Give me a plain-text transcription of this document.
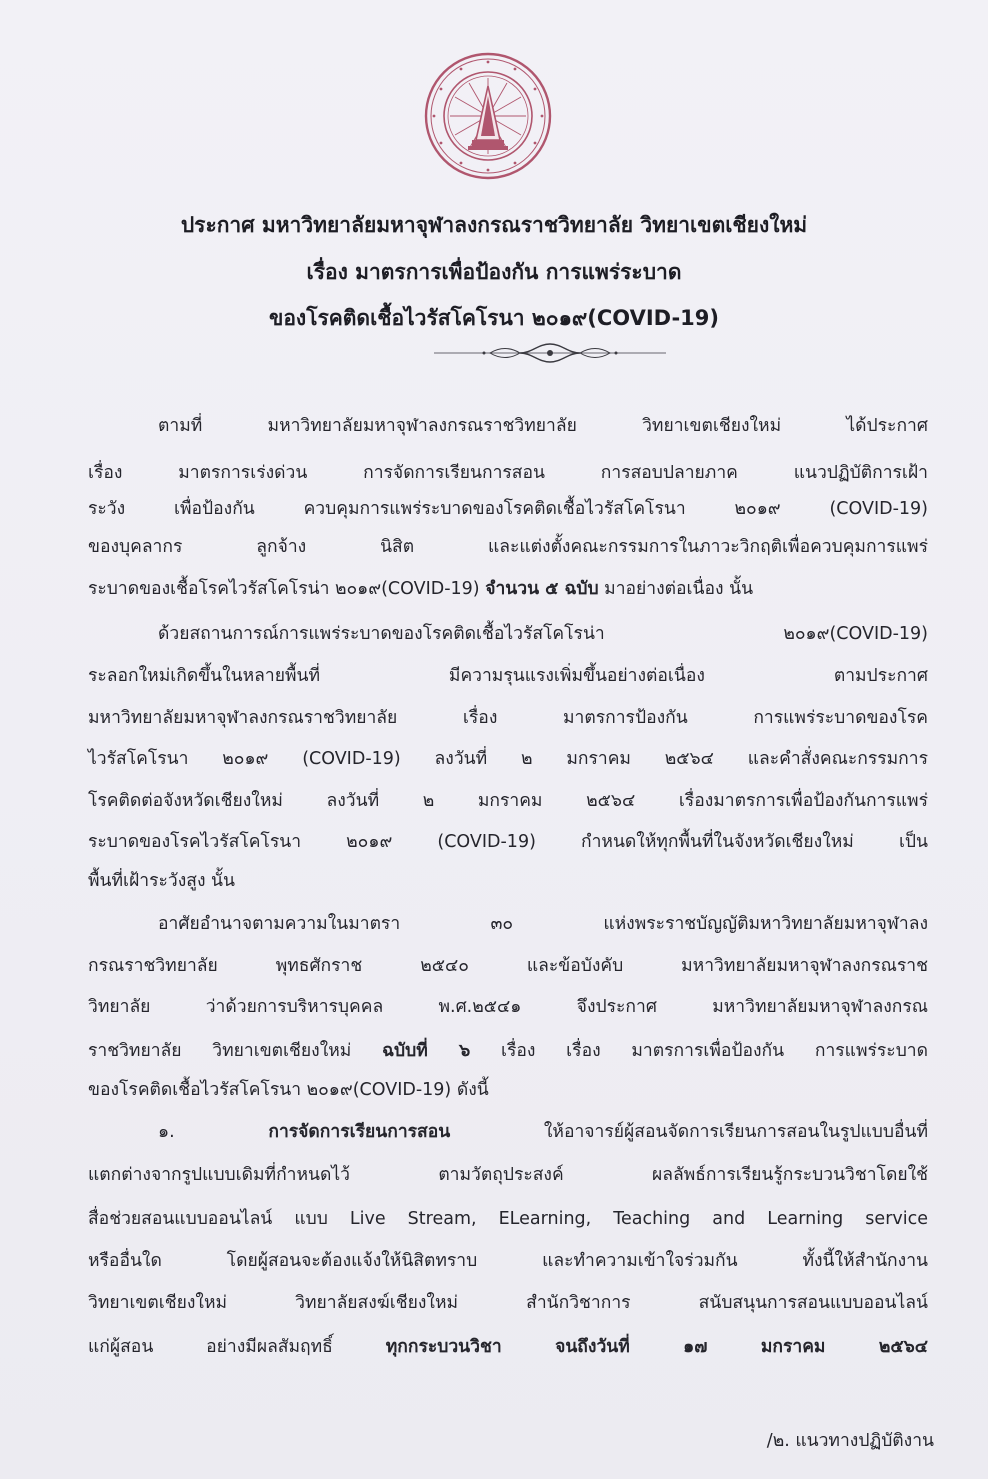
ประกาศ มหาวิทยาลัยมหาจุฬาลงกรณราชวิทยาลัย วิทยาเขตเชียงใหม่
เรื่อง มาตรการเพื่อป้องกัน การแพร่ระบาด
ของโรคติดเชื้อไวรัสโคโรนา ๒๐๑๙(COVID-19)
ตามที่ มหาวิทยาลัยมหาจุฬาลงกรณราชวิทยาลัย วิทยาเขตเชียงใหม่ ได้ประกาศ
เรื่อง มาตรการเร่งด่วน การจัดการเรียนการสอน การสอบปลายภาค แนวปฏิบัติการเฝ้า
ระวัง เพื่อป้องกัน ควบคุมการแพร่ระบาดของโรคติดเชื้อไวรัสโคโรนา ๒๐๑๙ (COVID-19)
ของบุคลากร ลูกจ้าง นิสิต และแต่งตั้งคณะกรรมการในภาวะวิกฤติเพื่อควบคุมการแพร่
ระบาดของเชื้อโรคไวรัสโคโรน่า ๒๐๑๙(COVID-19) จำนวน ๕ ฉบับ มาอย่างต่อเนื่อง นั้น
ด้วยสถานการณ์การแพร่ระบาดของโรคติดเชื้อไวรัสโคโรน่า ๒๐๑๙(COVID-19)
ระลอกใหม่เกิดขึ้นในหลายพื้นที่ มีความรุนแรงเพิ่มขึ้นอย่างต่อเนื่อง ตามประกาศ
มหาวิทยาลัยมหาจุฬาลงกรณราชวิทยาลัย เรื่อง มาตรการป้องกัน การแพร่ระบาดของโรค
ไวรัสโคโรนา ๒๐๑๙ (COVID-19) ลงวันที่ ๒ มกราคม ๒๕๖๔ และคำสั่งคณะกรรมการ
โรคติดต่อจังหวัดเชียงใหม่ ลงวันที่ ๒ มกราคม ๒๕๖๔ เรื่องมาตรการเพื่อป้องกันการแพร่
ระบาดของโรคไวรัสโคโรนา ๒๐๑๙ (COVID-19) กำหนดให้ทุกพื้นที่ในจังหวัดเชียงใหม่ เป็น
พื้นที่เฝ้าระวังสูง นั้น
อาศัยอำนาจตามความในมาตรา ๓๐ แห่งพระราชบัญญัติมหาวิทยาลัยมหาจุฬาลง
กรณราชวิทยาลัย พุทธศักราช ๒๕๔๐ และข้อบังคับ มหาวิทยาลัยมหาจุฬาลงกรณราช
วิทยาลัย ว่าด้วยการบริหารบุคคล พ.ศ.๒๕๔๑ จึงประกาศ มหาวิทยาลัยมหาจุฬาลงกรณ
ราชวิทยาลัย วิทยาเขตเชียงใหม่ ฉบับที่ ๖ เรื่อง เรื่อง มาตรการเพื่อป้องกัน การแพร่ระบาด
ของโรคติดเชื้อไวรัสโคโรนา ๒๐๑๙(COVID-19) ดังนี้
๑. การจัดการเรียนการสอน ให้อาจารย์ผู้สอนจัดการเรียนการสอนในรูปแบบอื่นที่
แตกต่างจากรูปแบบเดิมที่กำหนดไว้ ตามวัตถุประสงค์ ผลลัพธ์การเรียนรู้กระบวนวิชาโดยใช้
สื่อช่วยสอนแบบออนไลน์ แบบ Live Stream, ELearning, Teaching and Learning service
หรืออื่นใด โดยผู้สอนจะต้องแจ้งให้นิสิตทราบ และทำความเข้าใจร่วมกัน ทั้งนี้ให้สำนักงาน
วิทยาเขตเชียงใหม่ วิทยาลัยสงฆ์เชียงใหม่ สำนักวิชาการ สนับสนุนการสอนแบบออนไลน์
แก่ผู้สอน อย่างมีผลสัมฤทธิ์ ทุกกระบวนวิชา จนถึงวันที่ ๑๗ มกราคม ๒๕๖๔
/๒. แนวทางปฏิบัติงาน
